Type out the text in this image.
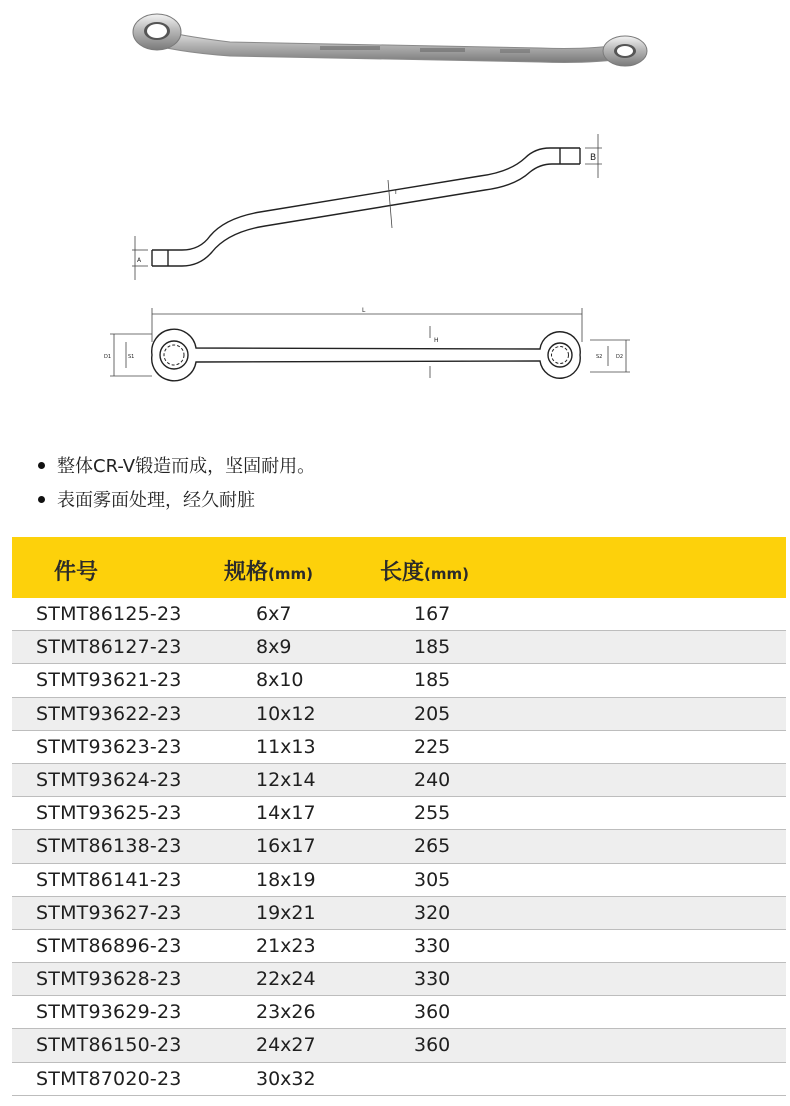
B
A
T
L
H
D1	S1	S2	D2
整体CR-V锻造而成，坚固耐用。
表面雾面处理，经久耐脏
件号	规格(mm)	长度(mm)
STMT86125-23	6x7	167
STMT86127-23	8x9	185
STMT93621-23	8x10	185
STMT93622-23	10x12	205
STMT93623-23	11x13	225
STMT93624-23	12x14	240
STMT93625-23	14x17	255
STMT86138-23	16x17	265
STMT86141-23	18x19	305
STMT93627-23	19x21	320
STMT86896-23	21x23	330
STMT93628-23	22x24	330
STMT93629-23	23x26	360
STMT86150-23	24x27	360
STMT87020-23	30x32
